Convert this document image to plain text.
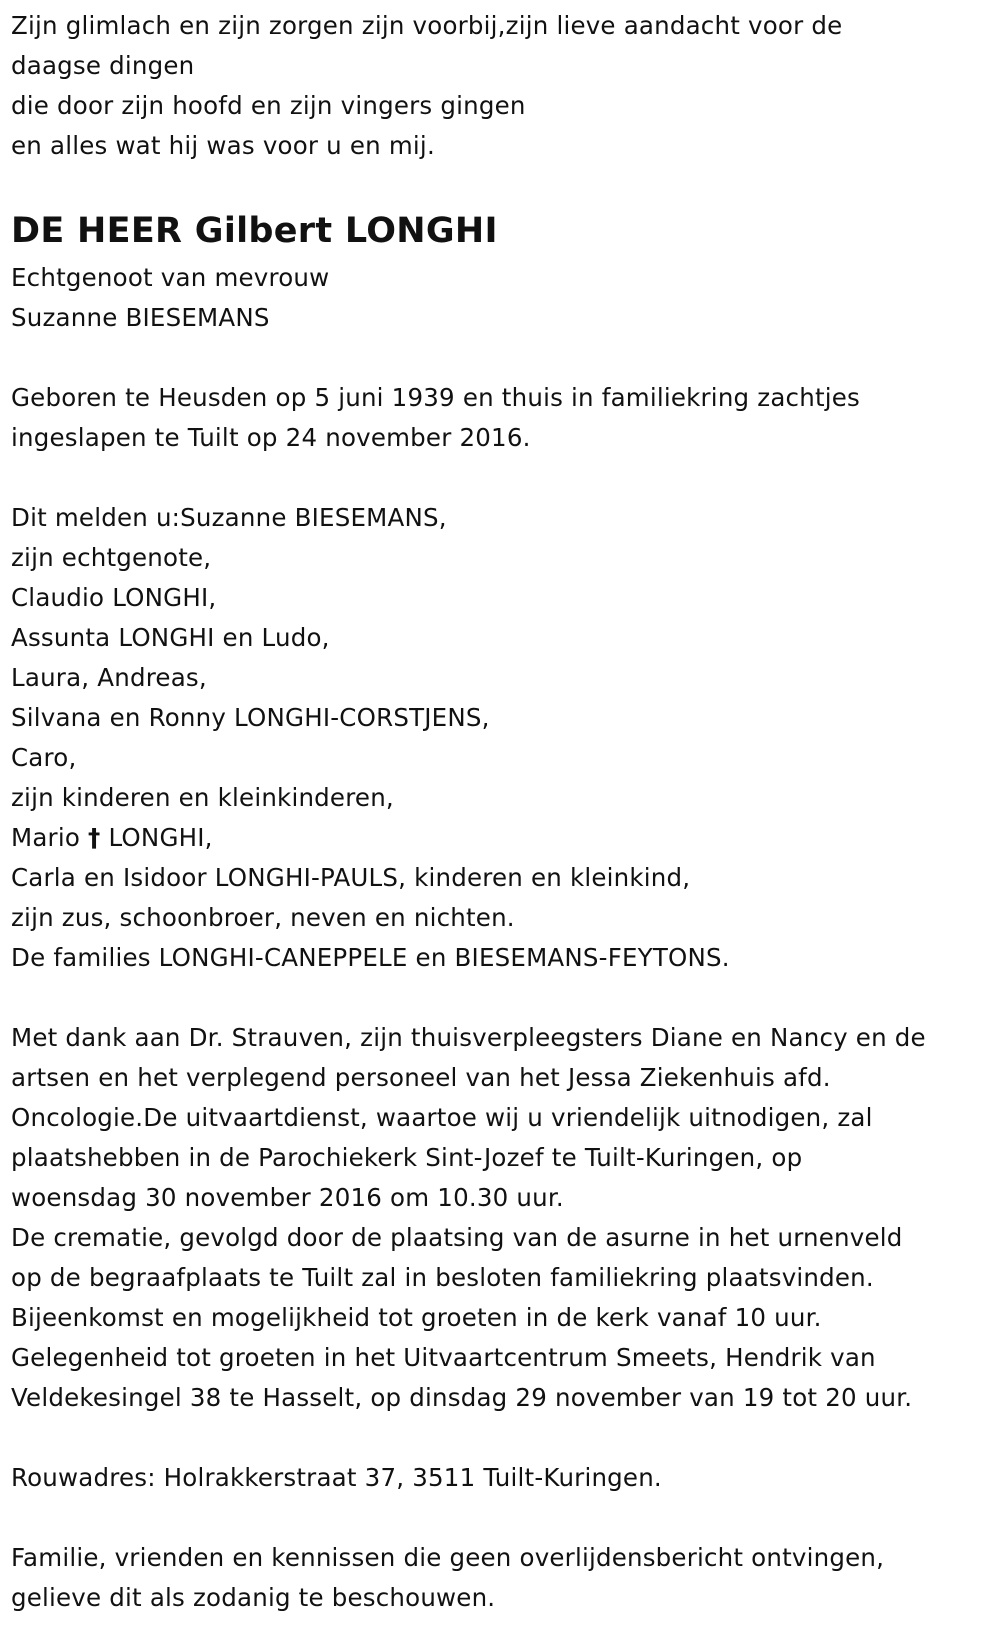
Zijn glimlach en zijn zorgen zijn voorbij,zijn lieve aandacht voor de
daagse dingen
die door zijn hoofd en zijn vingers gingen
en alles wat hij was voor u en mij.
DE HEER Gilbert LONGHI
Echtgenoot van mevrouw
Suzanne BIESEMANS
Geboren te Heusden op 5 juni 1939 en thuis in familiekring zachtjes
ingeslapen te Tuilt op 24 november 2016.
Dit melden u:Suzanne BIESEMANS,
zijn echtgenote,
Claudio LONGHI,
Assunta LONGHI en Ludo,
Laura, Andreas,
Silvana en Ronny LONGHI-CORSTJENS,
Caro,
zijn kinderen en kleinkinderen,
Mario † LONGHI,
Carla en Isidoor LONGHI-PAULS, kinderen en kleinkind,
zijn zus, schoonbroer, neven en nichten.
De families LONGHI-CANEPPELE en BIESEMANS-FEYTONS.
Met dank aan Dr. Strauven, zijn thuisverpleegsters Diane en Nancy en de
artsen en het verplegend personeel van het Jessa Ziekenhuis afd.
Oncologie.De uitvaartdienst, waartoe wij u vriendelijk uitnodigen, zal
plaatshebben in de Parochiekerk Sint-Jozef te Tuilt-Kuringen, op
woensdag 30 november 2016 om 10.30 uur.
De crematie, gevolgd door de plaatsing van de asurne in het urnenveld
op de begraafplaats te Tuilt zal in besloten familiekring plaatsvinden.
Bijeenkomst en mogelijkheid tot groeten in de kerk vanaf 10 uur.
Gelegenheid tot groeten in het Uitvaartcentrum Smeets, Hendrik van
Veldekesingel 38 te Hasselt, op dinsdag 29 november van 19 tot 20 uur.
Rouwadres: Holrakkerstraat 37, 3511 Tuilt-Kuringen.
Familie, vrienden en kennissen die geen overlijdensbericht ontvingen,
gelieve dit als zodanig te beschouwen.
